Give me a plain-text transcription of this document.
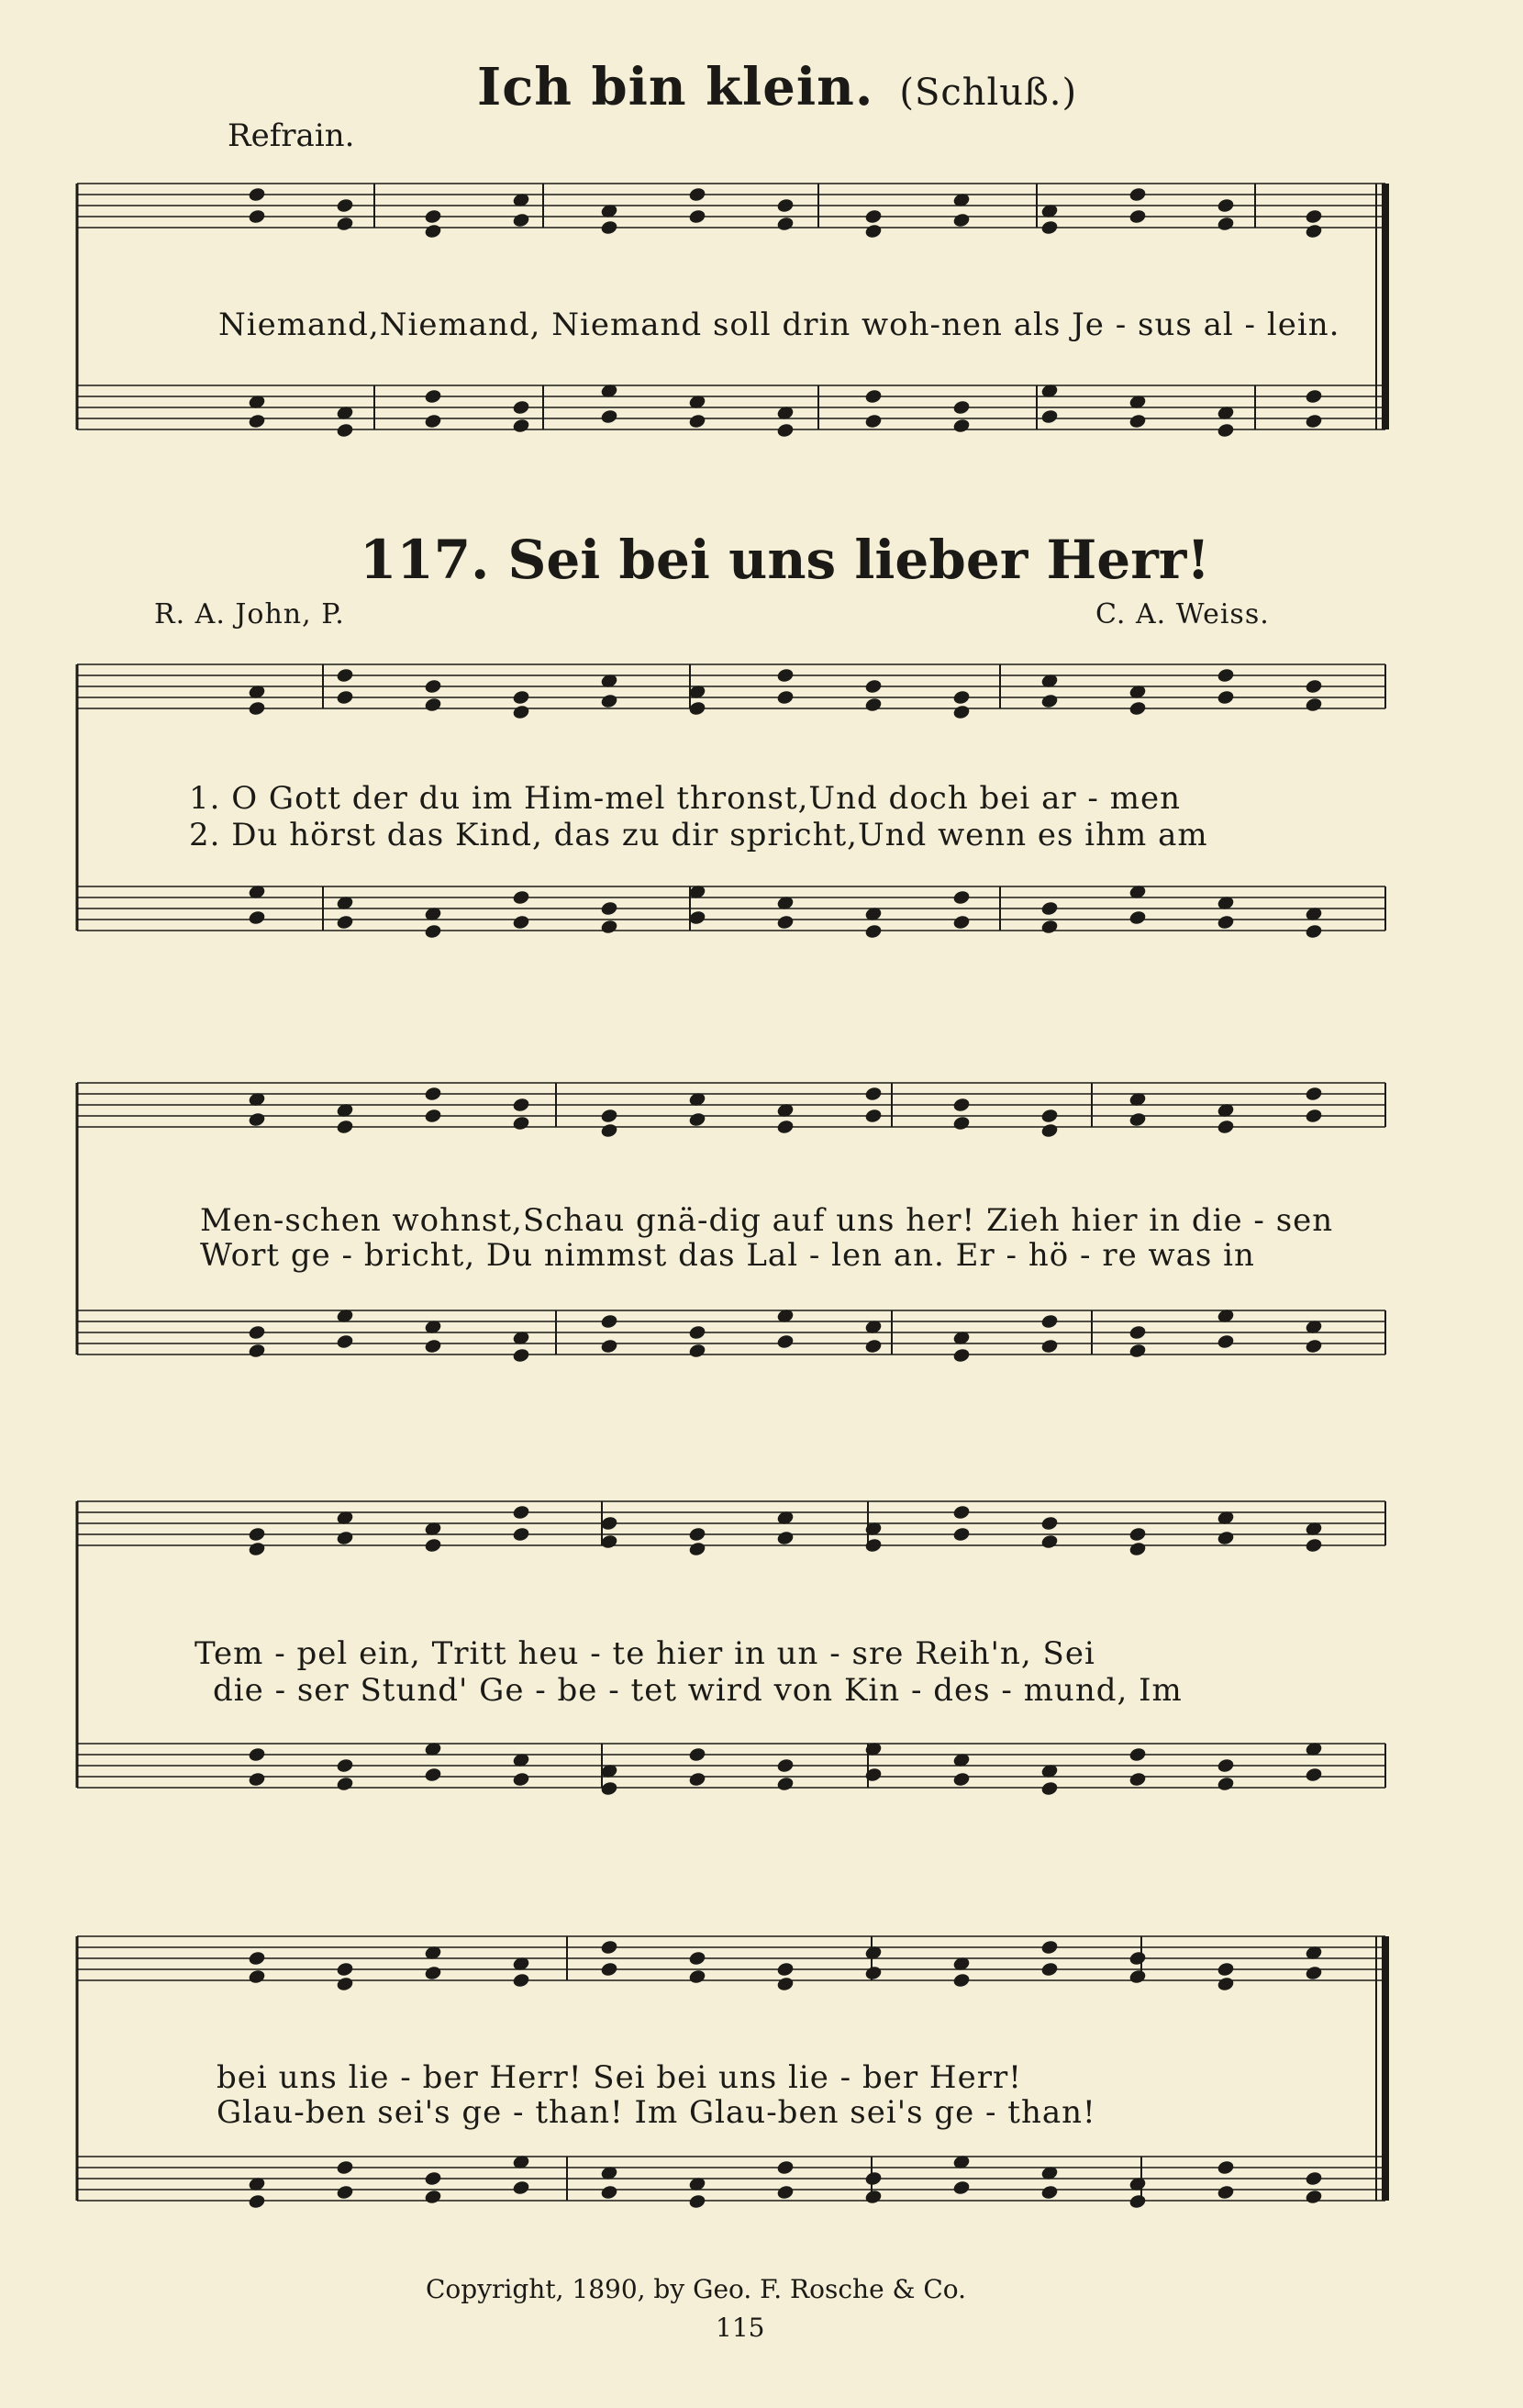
Ich bin klein. (Schluß.)
Refrain.
Niemand,Niemand, Niemand soll drin woh-nen als Je - sus al - lein.
117. Sei bei uns lieber Herr!
R. A. John, P.	C. A. Weiss.
1. O Gott der du im Him-mel thronst,Und doch bei ar - men
2. Du hörst das Kind, das zu dir spricht,Und wenn es ihm am
Men-schen wohnst,Schau gnä-dig auf uns her! Zieh hier in die - sen
Wort ge - bricht, Du nimmst das Lal - len an. Er - hö - re was in
Tem - pel ein, Tritt heu - te hier in un - sre Reih'n, Sei
die - ser Stund' Ge - be - tet wird von Kin - des - mund, Im
bei uns lie - ber Herr! Sei bei uns lie - ber Herr!
Glau-ben sei's ge - than! Im Glau-ben sei's ge - than!
Copyright, 1890, by Geo. F. Rosche & Co.
115
